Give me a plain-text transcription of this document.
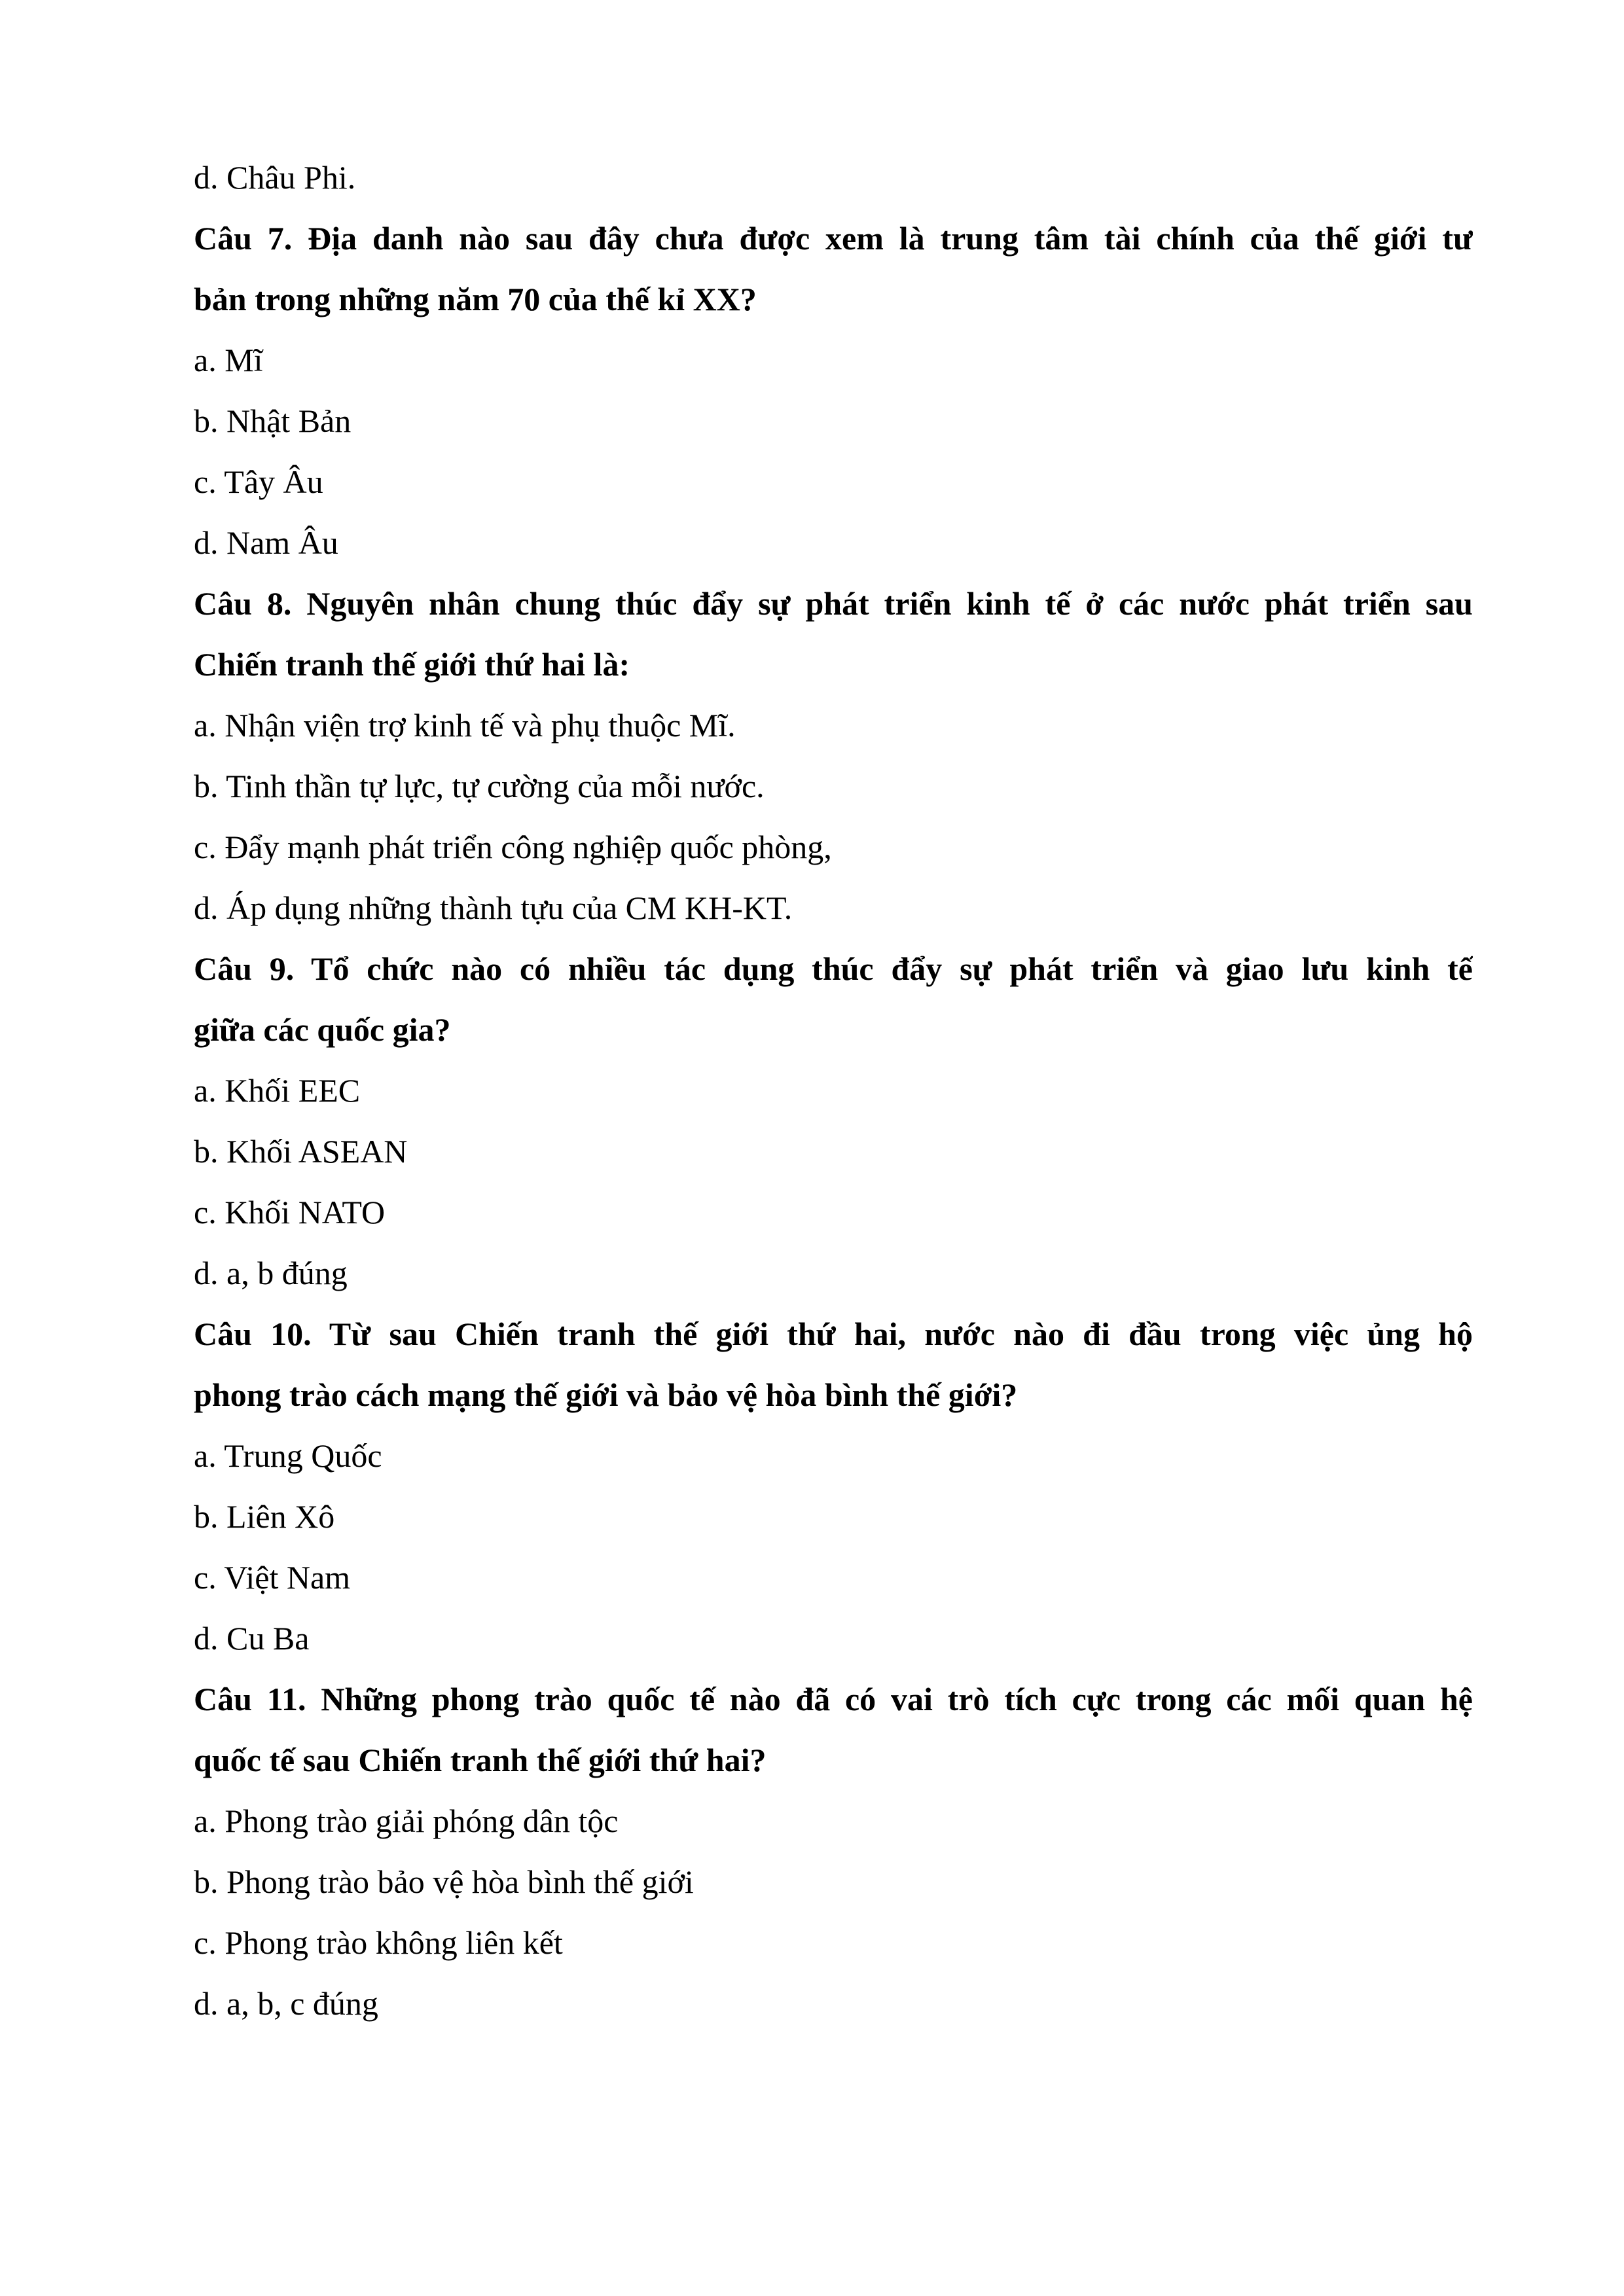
d. Châu Phi.
Câu 7. Địa danh nào sau đây chưa được xem là trung tâm tài chính của thế giới tư
bản trong những năm 70 của thế kỉ XX?
a. Mĩ
b. Nhật Bản
c. Tây Âu
d. Nam Âu
Câu 8. Nguyên nhân chung thúc đẩy sự phát triển kinh tế ở các nước phát triển sau
Chiến tranh thế giới thứ hai là:
a. Nhận viện trợ kinh tế và phụ thuộc Mĩ.
b. Tinh thần tự lực, tự cường của mỗi nước.
c. Đẩy mạnh phát triển công nghiệp quốc phòng,
d. Áp dụng những thành tựu của CM KH-KT.
Câu 9. Tổ chức nào có nhiều tác dụng thúc đẩy sự phát triển và giao lưu kinh tế
giữa các quốc gia?
a. Khối EEC
b. Khối ASEAN
c. Khối NATO
d. a, b đúng
Câu 10. Từ sau Chiến tranh thế giới thứ hai, nước nào đi đầu trong việc ủng hộ
phong trào cách mạng thế giới và bảo vệ hòa bình thế giới?
a. Trung Quốc
b. Liên Xô
c. Việt Nam
d. Cu Ba
Câu 11. Những phong trào quốc tế nào đã có vai trò tích cực trong các mối quan hệ
quốc tế sau Chiến tranh thế giới thứ hai?
a. Phong trào giải phóng dân tộc
b. Phong trào bảo vệ hòa bình thế giới
c. Phong trào không liên kết
d. a, b, c đúng
